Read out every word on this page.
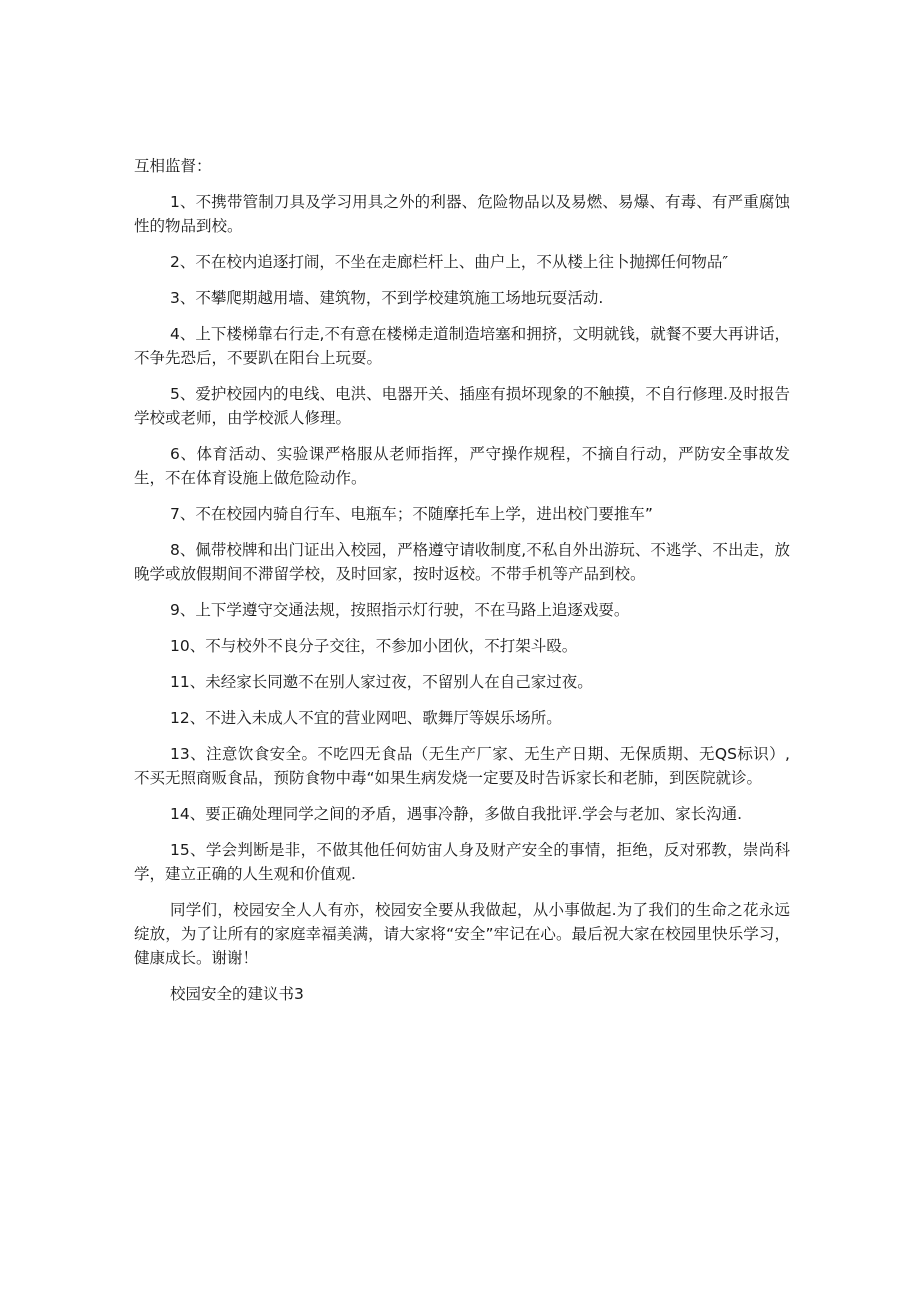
互相监督：

1、不携带管制刀具及学习用具之外的利器、危险物品以及易燃、易爆、有毒、有严重腐蚀性的物品到校。

2、不在校内追逐打闹，不坐在走廊栏杆上、曲户上，不从楼上往卜抛掷任何物品″

3、不攀爬期越用墙、建筑物，不到学校建筑施工场地玩耍活动.

4、上下楼梯靠右行走,不有意在楼梯走道制造培塞和拥挤，文明就钱，就餐不要大再讲话，不争先恐后，不要趴在阳台上玩耍。

5、爱护校园内的电线、电洪、电器开关、插座有损坏现象的不触摸，不自行修理.及时报告学校或老师，由学校派人修理。

6、体育活动、实验课严格服从老师指挥，严守操作规程，不摘自行动，严防安全事故发生，不在体育设施上做危险动作。

7、不在校园内骑自行车、电瓶车；不随摩托车上学，进出校门要推车”

8、佩带校牌和出门证出入校园，严格遵守请收制度,不私自外出游玩、不逃学、不出走，放晚学或放假期间不滞留学校，及时回家，按时返校。不带手机等产品到校。

9、上下学遵守交通法规，按照指示灯行驶，不在马路上追逐戏耍。

10、不与校外不良分子交往，不参加小团伙，不打架斗殴。

11、未经家长同邀不在别人家过夜，不留别人在自己家过夜。

12、不进入未成人不宜的营业网吧、歌舞厅等娱乐场所。

13、注意饮食安全。不吃四无食品（无生产厂家、无生产日期、无保质期、无QS标识）,不买无照商贩食品，预防食物中毒“如果生病发烧一定要及时告诉家长和老肺，到医院就诊。

14、要正确处理同学之间的矛盾，遇事冷静，多做自我批评.学会与老加、家长沟通.

15、学会判断是非，不做其他任何妨宙人身及财产安全的事情，拒绝，反对邪教，崇尚科学，建立正确的人生观和价值观.

同学们，校园安全人人有亦，校园安全要从我做起，从小事做起.为了我们的生命之花永远绽放，为了让所有的家庭幸福美满，请大家将“安全”牢记在心。最后祝大家在校园里快乐学习，健康成长。谢谢！

校园安全的建议书3
